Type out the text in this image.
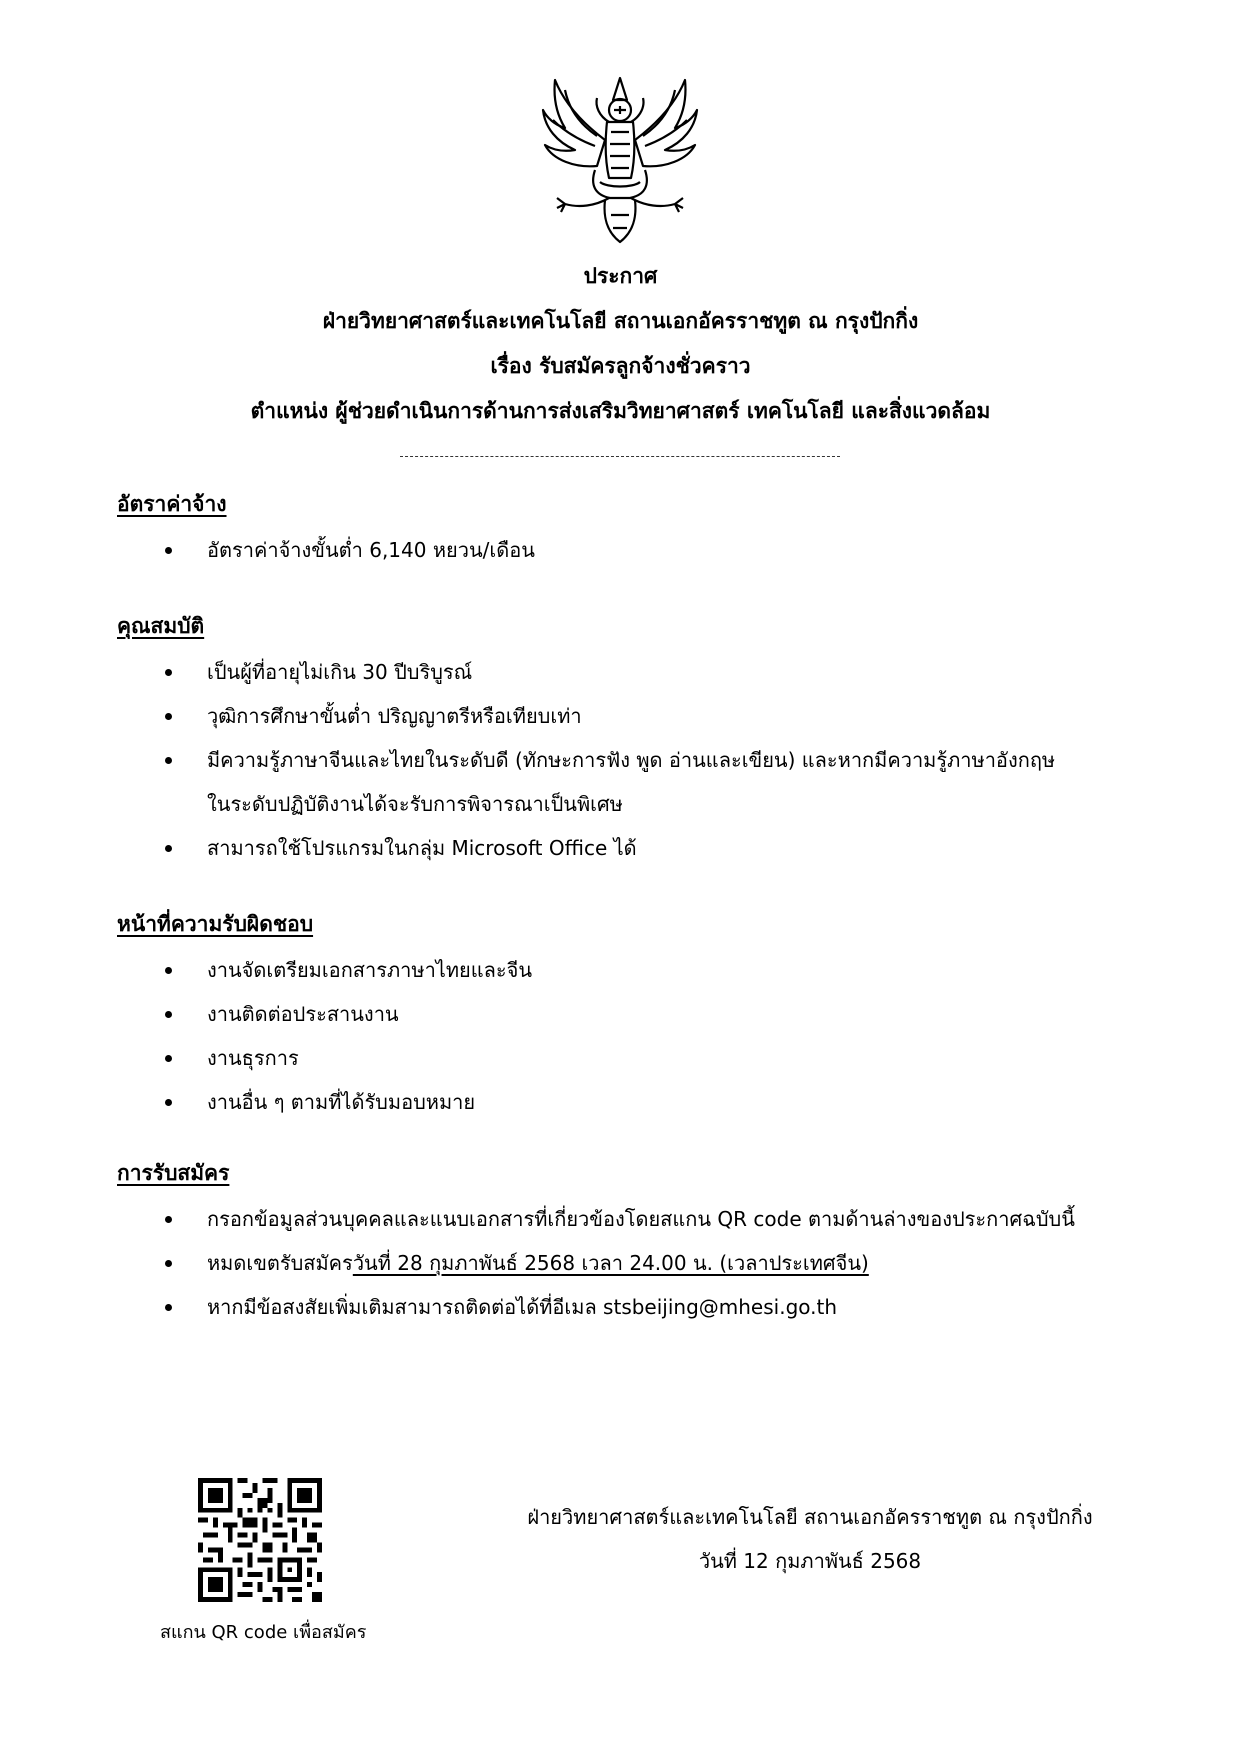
ประกาศ
ฝ่ายวิทยาศาสตร์และเทคโนโลยี สถานเอกอัครราชทูต ณ กรุงปักกิ่ง
เรื่อง รับสมัครลูกจ้างชั่วคราว
ตำแหน่ง ผู้ช่วยดำเนินการด้านการส่งเสริมวิทยาศาสตร์ เทคโนโลยี และสิ่งแวดล้อม
อัตราค่าจ้าง
อัตราค่าจ้างขั้นต่ำ 6,140 หยวน/เดือน
คุณสมบัติ
เป็นผู้ที่อายุไม่เกิน 30 ปีบริบูรณ์
วุฒิการศึกษาขั้นต่ำ ปริญญาตรีหรือเทียบเท่า
มีความรู้ภาษาจีนและไทยในระดับดี (ทักษะการฟัง พูด อ่านและเขียน) และหากมีความรู้ภาษาอังกฤษ
ในระดับปฏิบัติงานได้จะรับการพิจารณาเป็นพิเศษ
สามารถใช้โปรแกรมในกลุ่ม Microsoft Office ได้
หน้าที่ความรับผิดชอบ
งานจัดเตรียมเอกสารภาษาไทยและจีน
งานติดต่อประสานงาน
งานธุรการ
งานอื่น ๆ ตามที่ได้รับมอบหมาย
การรับสมัคร
กรอกข้อมูลส่วนบุคคลและแนบเอกสารที่เกี่ยวข้องโดยสแกน QR code ตามด้านล่างของประกาศฉบับนี้
หมดเขตรับสมัครวันที่ 28 กุมภาพันธ์ 2568 เวลา 24.00 น. (เวลาประเทศจีน)
หากมีข้อสงสัยเพิ่มเติมสามารถติดต่อได้ที่อีเมล stsbeijing@mhesi.go.th
สแกน QR code เพื่อสมัคร
ฝ่ายวิทยาศาสตร์และเทคโนโลยี สถานเอกอัครราชทูต ณ กรุงปักกิ่ง
วันที่ 12 กุมภาพันธ์ 2568
